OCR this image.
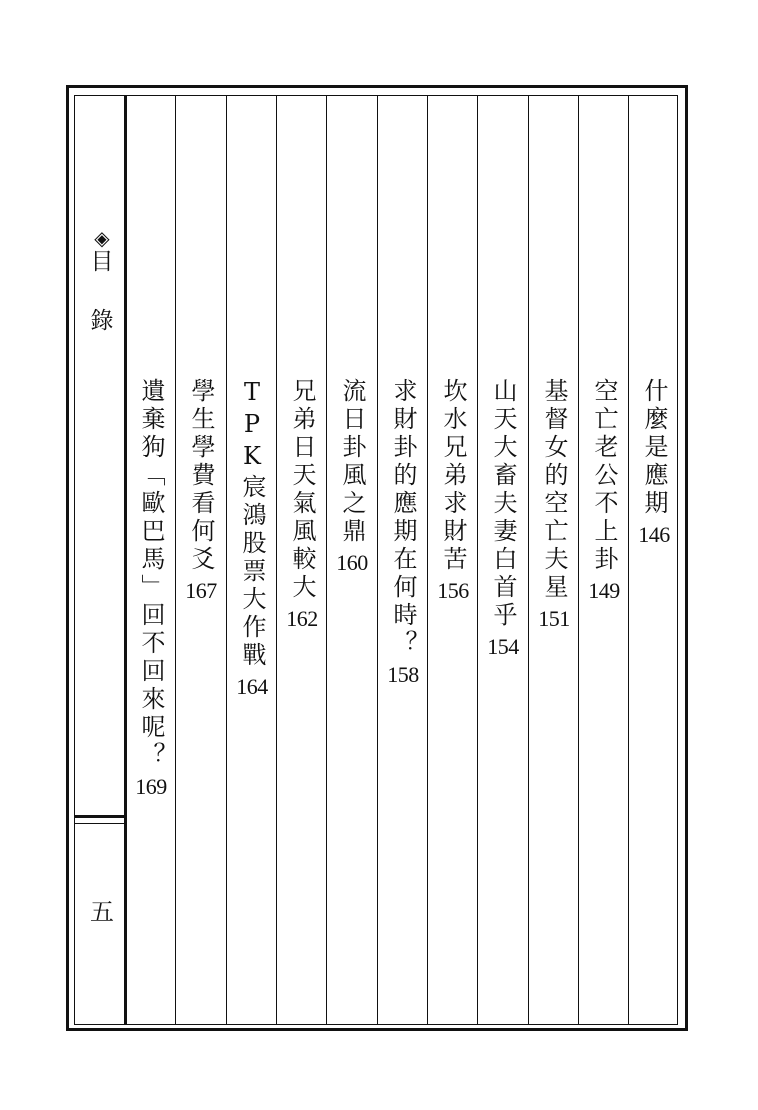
◈
目
錄
五
什麼是應期
146
空亡老公不上卦
149
基督女的空亡夫星
151
山天大畜夫妻白首乎
154
坎水兄弟求財苦
156
求財卦的應期在何時？
158
流日卦風之鼎
160
兄弟日天氣風較大
162
TPK宸鴻股票大作戰
164
學生學費看何爻
167
遺棄狗「歐巴馬」回不回來呢？
169
